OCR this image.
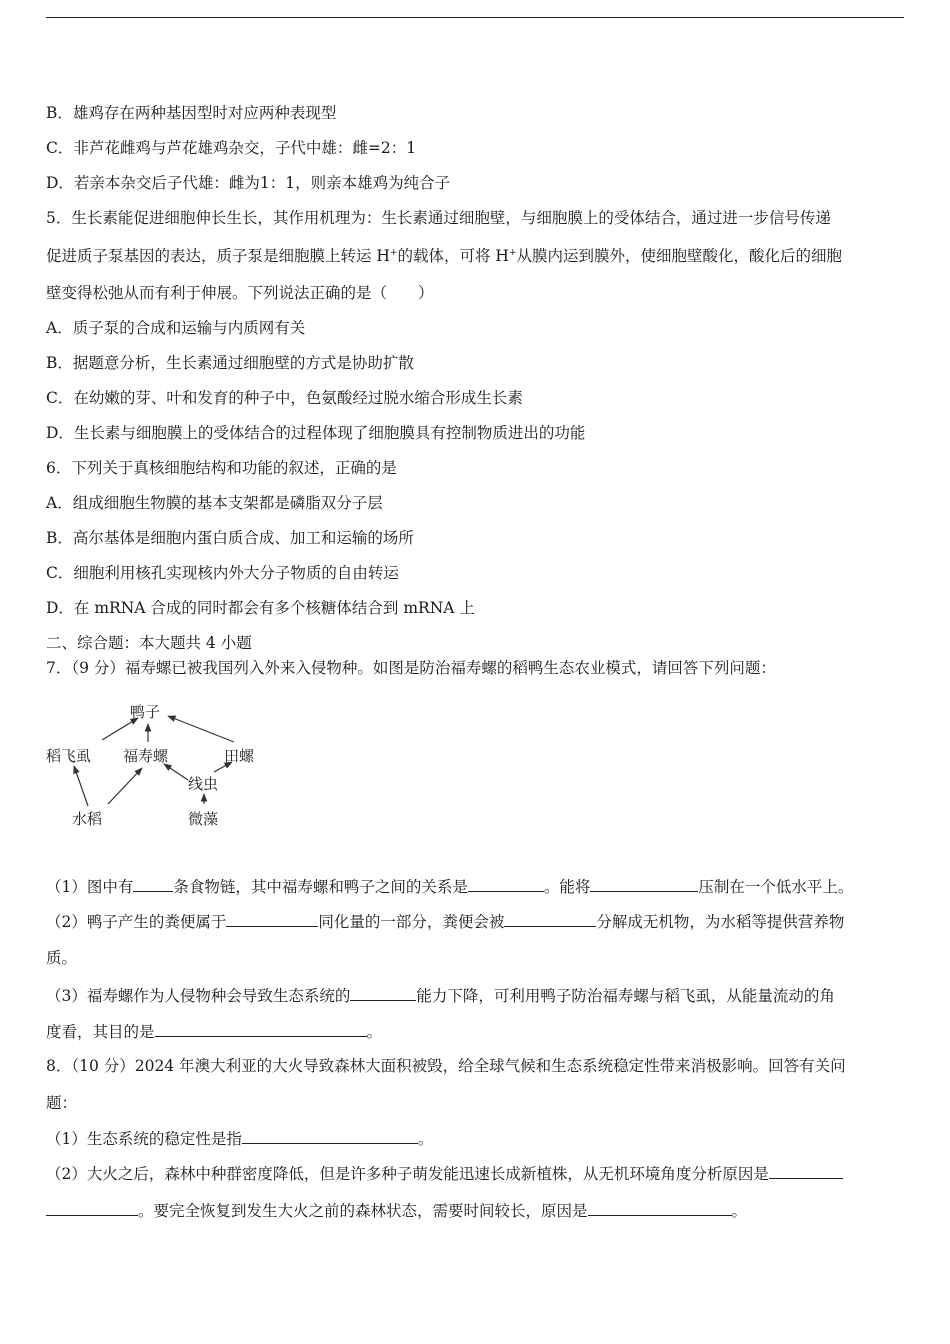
B．雄鸡存在两种基因型时对应两种表现型
C．非芦花雌鸡与芦花雄鸡杂交，子代中雄：雌=2：1
D．若亲本杂交后子代雄：雌为1：1，则亲本雄鸡为纯合子
5．生长素能促进细胞伸长生长，其作用机理为：生长素通过细胞壁，与细胞膜上的受体结合，通过进一步信号传递
促进质子泵基因的表达，质子泵是细胞膜上转运 H+的载体，可将 H+从膜内运到膜外，使细胞壁酸化，酸化后的细胞
壁变得松弛从而有利于伸展。下列说法正确的是（　　）
A．质子泵的合成和运输与内质网有关
B．据题意分析，生长素通过细胞壁的方式是协助扩散
C．在幼嫩的芽、叶和发育的种子中，色氨酸经过脱水缩合形成生长素
D．生长素与细胞膜上的受体结合的过程体现了细胞膜具有控制物质进出的功能
6．下列关于真核细胞结构和功能的叙述，正确的是
A．组成细胞生物膜的基本支架都是磷脂双分子层
B．高尔基体是细胞内蛋白质合成、加工和运输的场所
C．细胞利用核孔实现核内外大分子物质的自由转运
D．在 mRNA 合成的同时都会有多个核糖体结合到 mRNA 上
二、综合题：本大题共 4 小题
7．（9 分）福寿螺已被我国列入外来入侵物种。如图是防治福寿螺的稻鸭生态农业模式，请回答下列问题：
鸭子
稻飞虱 福寿螺	田螺
线虫
水稻	微藻
（1）图中有	条食物链，其中福寿螺和鸭子之间的关系是	。能将	压制在一个低水平上。
（2）鸭子产生的粪便属于	同化量的一部分，粪便会被	分解成无机物，为水稻等提供营养物
质。
（3）福寿螺作为人侵物种会导致生态系统的	能力下降，可利用鸭子防治福寿螺与稻飞虱，从能量流动的角
度看，其目的是	。
8．（10 分）2024 年澳大利亚的大火导致森林大面积被毁，给全球气候和生态系统稳定性带来消极影响。回答有关问
题：
（1）生态系统的稳定性是指	。
（2）大火之后，森林中种群密度降低，但是许多种子萌发能迅速长成新植株，从无机环境角度分析原因是
。要完全恢复到发生大火之前的森林状态，需要时间较长，原因是	。
